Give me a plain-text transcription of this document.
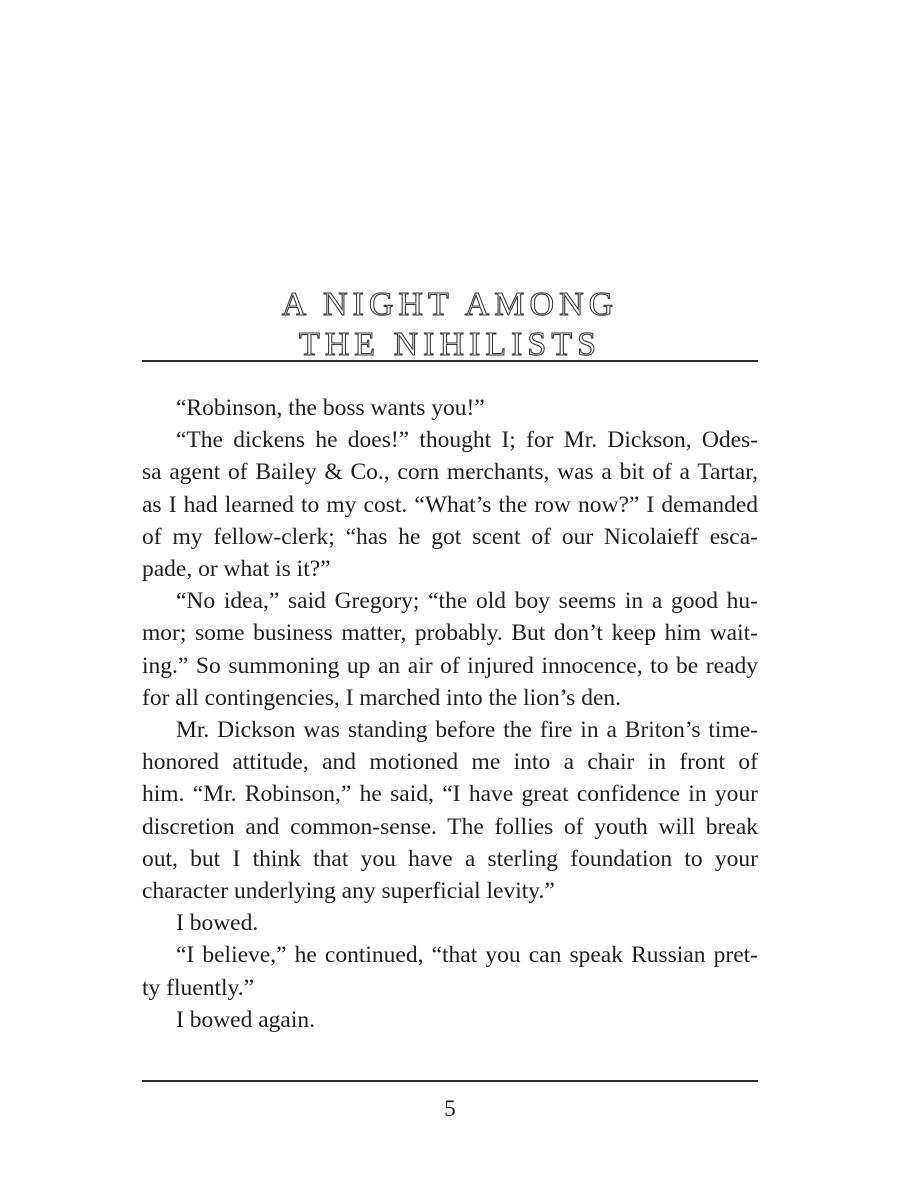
A NIGHT AMONG
THE NIHILISTS
“Robinson, the boss wants you!”
“The dickens he does!” thought I; for Mr. Dickson, Odes-
sa agent of Bailey & Co., corn merchants, was a bit of a Tartar,
as I had learned to my cost. “What’s the row now?” I demanded
of my fellow-clerk; “has he got scent of our Nicolaieff esca-
pade, or what is it?”
“No idea,” said Gregory; “the old boy seems in a good hu-
mor; some business matter, probably. But don’t keep him wait-
ing.” So summoning up an air of injured innocence, to be ready
for all contingencies, I marched into the lion’s den.
Mr. Dickson was standing before the fire in a Briton’s time-
honored attitude, and motioned me into a chair in front of
him. “Mr. Robinson,” he said, “I have great confidence in your
discretion and common-sense. The follies of youth will break
out, but I think that you have a sterling foundation to your
character underlying any superficial levity.”
I bowed.
“I believe,” he continued, “that you can speak Russian pret-
ty fluently.”
I bowed again.
5
